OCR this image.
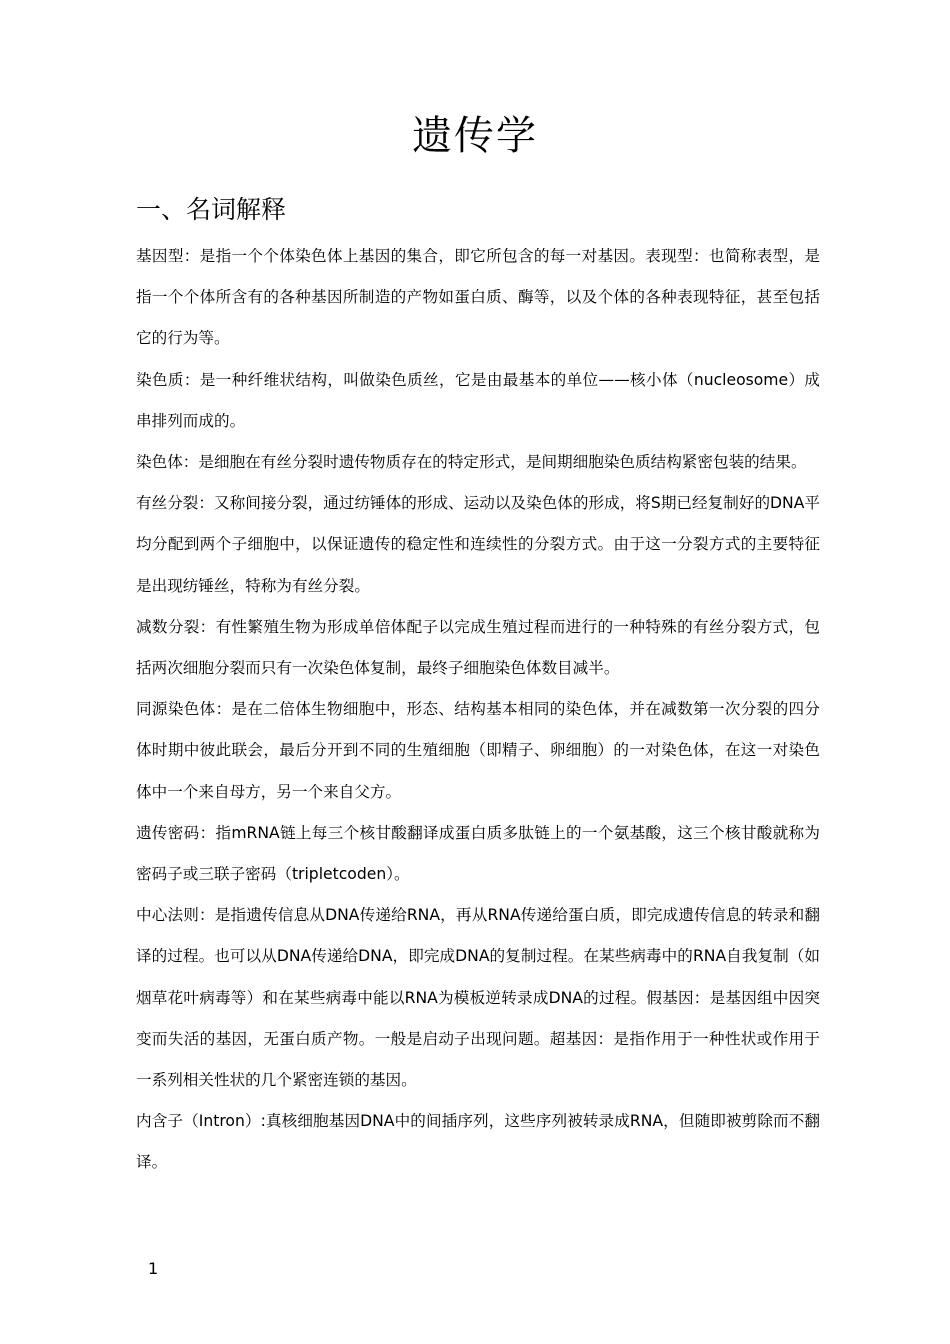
遗传学
一、名词解释

基因型：是指一个个体染色体上基因的集合，即它所包含的每一对基因。表现型：也简称表型，是指一个个体所含有的各种基因所制造的产物如蛋白质、酶等，以及个体的各种表现特征，甚至包括它的行为等。

染色质：是一种纤维状结构，叫做染色质丝，它是由最基本的单位——核小体（nucleosome）成串排列而成的。

染色体：是细胞在有丝分裂时遗传物质存在的特定形式，是间期细胞染色质结构紧密包装的结果。

有丝分裂：又称间接分裂，通过纺锤体的形成、运动以及染色体的形成，将S期已经复制好的DNA平均分配到两个子细胞中，以保证遗传的稳定性和连续性的分裂方式。由于这一分裂方式的主要特征是出现纺锤丝，特称为有丝分裂。

减数分裂：有性繁殖生物为形成单倍体配子以完成生殖过程而进行的一种特殊的有丝分裂方式，包括两次细胞分裂而只有一次染色体复制，最终子细胞染色体数目减半。

同源染色体：是在二倍体生物细胞中，形态、结构基本相同的染色体，并在减数第一次分裂的四分体时期中彼此联会，最后分开到不同的生殖细胞（即精子、卵细胞）的一对染色体，在这一对染色体中一个来自母方，另一个来自父方。

遗传密码：指mRNA链上每三个核甘酸翻译成蛋白质多肽链上的一个氨基酸，这三个核甘酸就称为密码子或三联子密码（tripletcoden）。

中心法则：是指遗传信息从DNA传递给RNA，再从RNA传递给蛋白质，即完成遗传信息的转录和翻译的过程。也可以从DNA传递给DNA，即完成DNA的复制过程。在某些病毒中的RNA自我复制（如烟草花叶病毒等）和在某些病毒中能以RNA为模板逆转录成DNA的过程。假基因：是基因组中因突变而失活的基因，无蛋白质产物。一般是启动子出现问题。超基因：是指作用于一种性状或作用于一系列相关性状的几个紧密连锁的基因。

内含子（Intron）:真核细胞基因DNA中的间插序列，这些序列被转录成RNA，但随即被剪除而不翻译。

1
